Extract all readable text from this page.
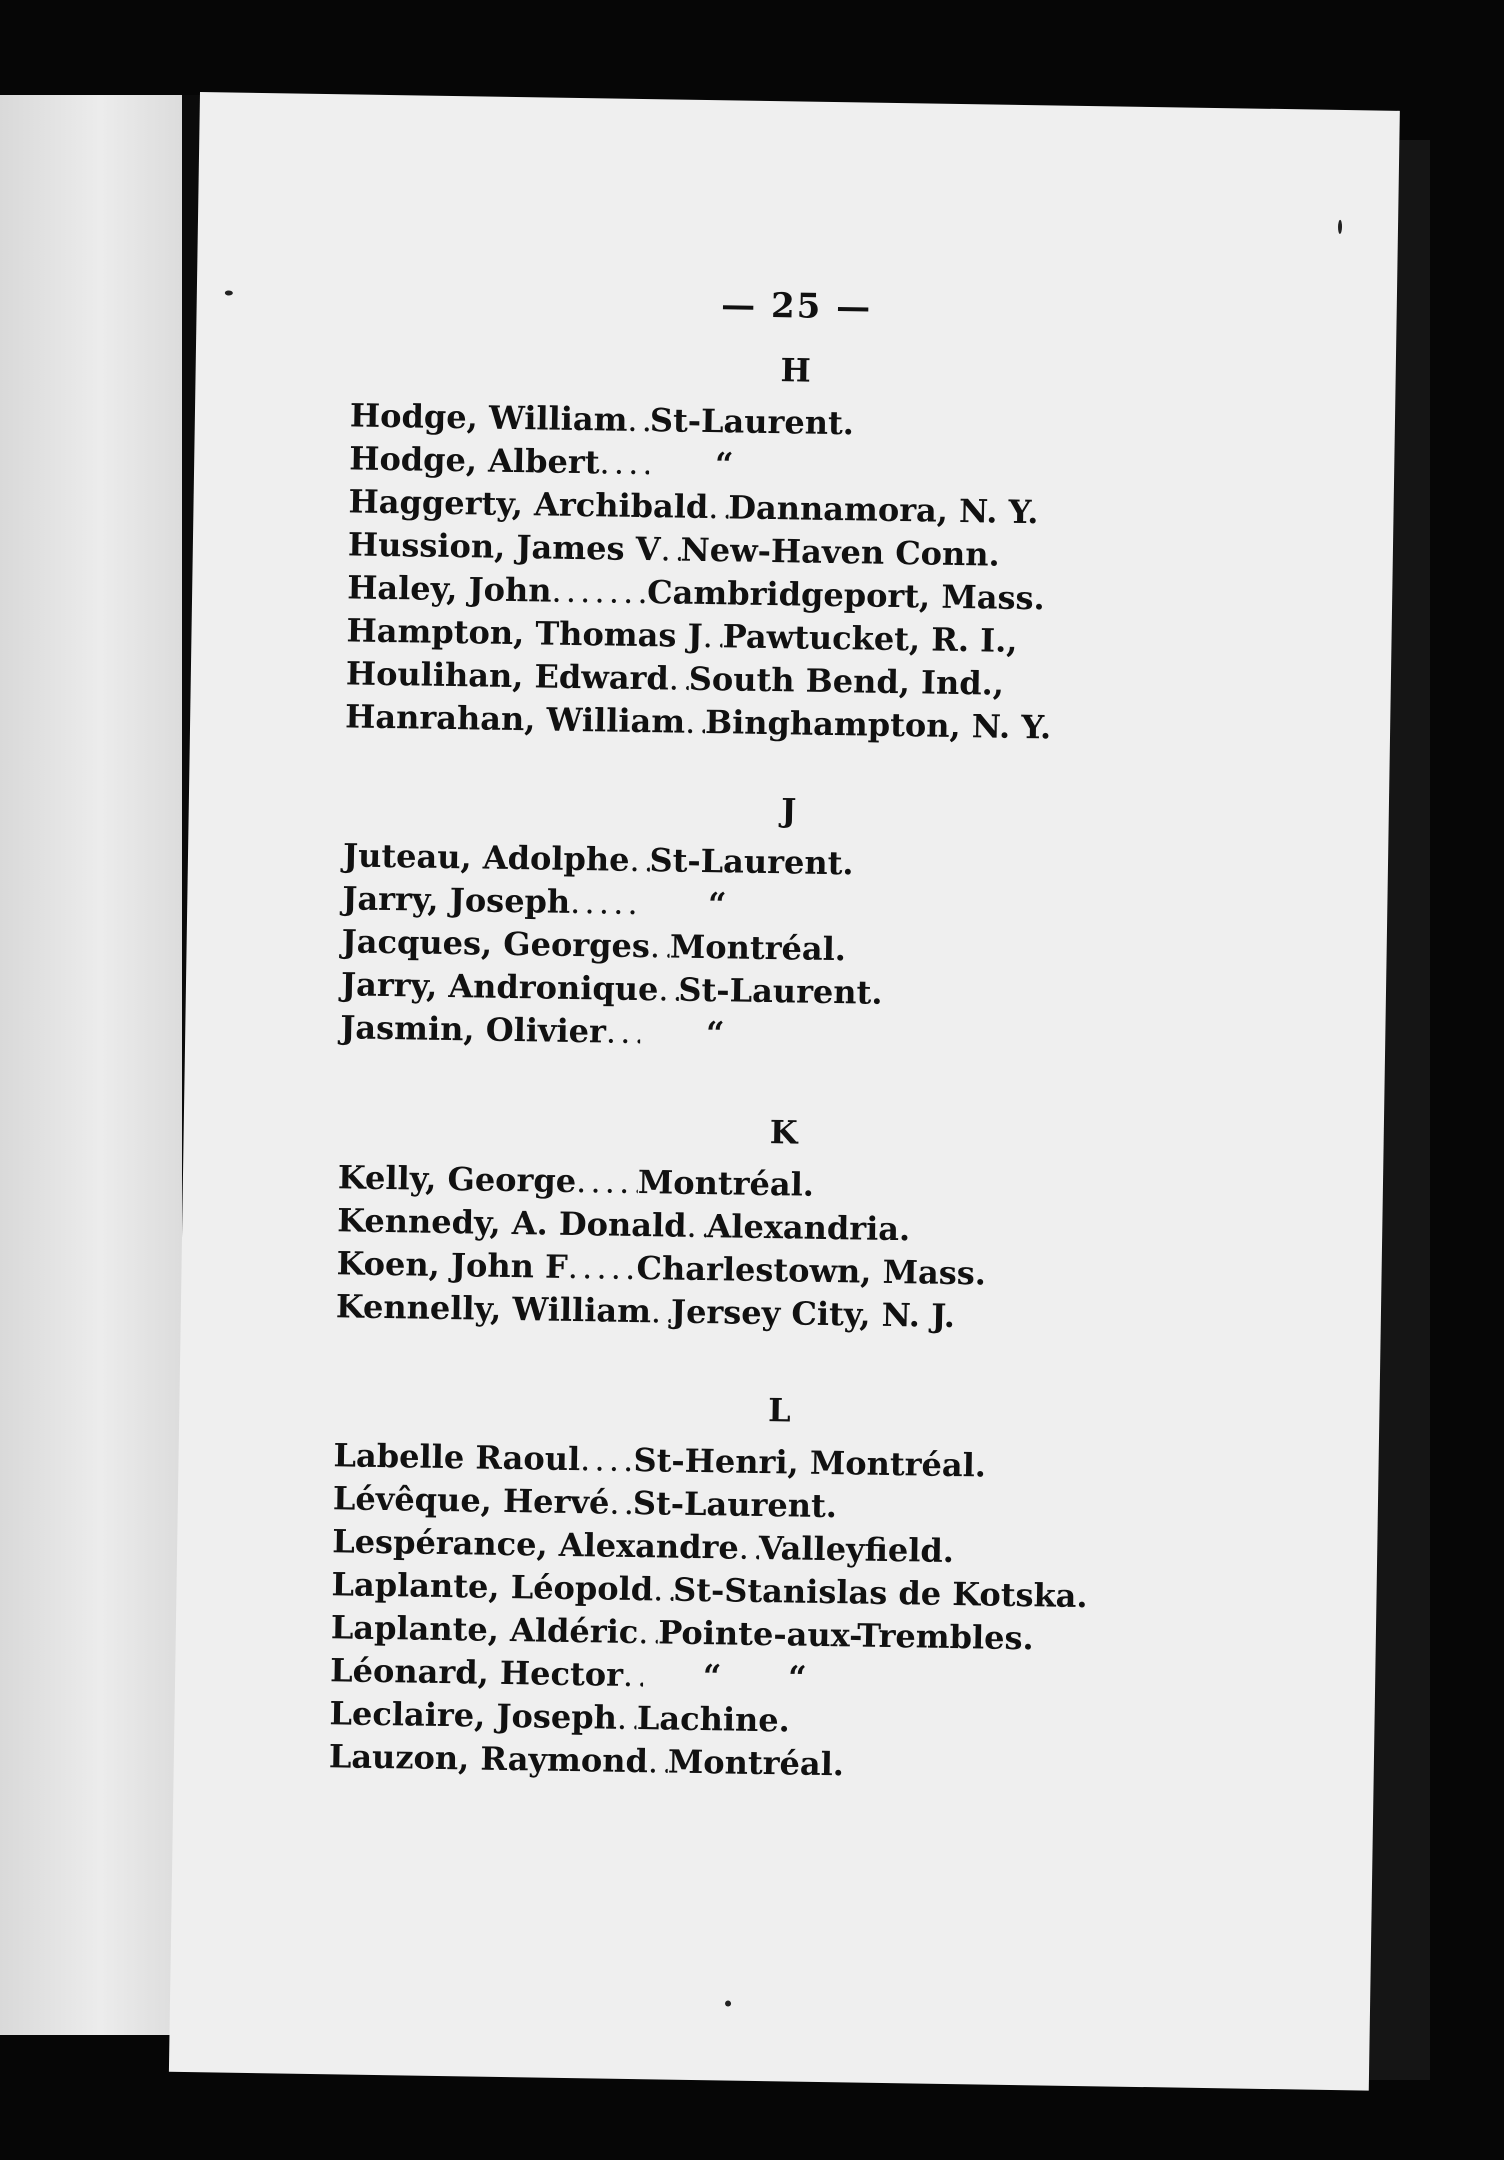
— 25 —
H
Hodge, William . . . St-Laurent.
Hodge, Albert . . .	“
Haggerty, Archibald . . . Dannamora, N. Y.
Hussion, James V . . . New-Haven Conn.
Haley, John . . .	Cambridgeport, Mass.
Hampton, Thomas J . . . Pawtucket, R. I.,
Houlihan, Edward . . . South Bend, Ind.,
Hanrahan, William . . . Binghampton, N. Y.
J
Juteau, Adolphe . . . St-Laurent.
Jarry, Joseph . . .	“
Jacques, Georges . . . Montréal.
Jarry, Andronique . . . St-Laurent.
Jasmin, Olivier . . .	“
K
Kelly, George . . . Montréal.
Kennedy, A. Donald . . . Alexandria.
Koen, John F . . . Charlestown, Mass.
Kennelly, William . . . Jersey City, N. J.
L
Labelle Raoul . . . St-Henri, Montréal.
Lévêque, Hervé . . . St-Laurent.
Lespérance, Alexandre . . . Valleyfield.
Laplante, Léopold . . . St-Stanislas de Kotska.
Laplante, Aldéric . . . Pointe-aux-Trembles.
Léonard, Hector . . .	“      “
Leclaire, Joseph . . . Lachine.
Lauzon, Raymond . . . Montréal.
